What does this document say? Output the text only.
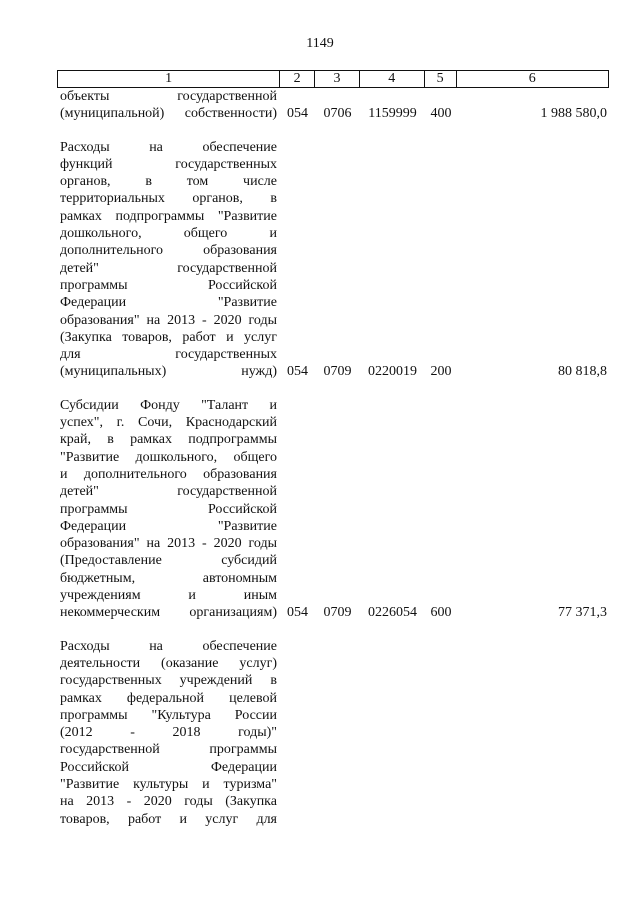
1149
1	2	3	4	5	6
объекты государственной
(муниципальной) собственности) 054	0706	1159999 400	1 988 580,0
Расходы на обеспечение
функций государственных
органов, в том числе
территориальных органов, в
рамках подпрограммы "Развитие
дошкольного, общего и
дополнительного образования
детей" государственной
программы Российской
Федерации "Развитие
образования" на 2013 - 2020 годы
(Закупка товаров, работ и услуг
для государственных
(муниципальных) нужд) 054	0709	0220019 200	80 818,8
Субсидии Фонду "Талант и
успех", г. Сочи, Краснодарский
край, в рамках подпрограммы
"Развитие дошкольного, общего
и дополнительного образования
детей" государственной
программы Российской
Федерации "Развитие
образования" на 2013 - 2020 годы
(Предоставление субсидий
бюджетным, автономным
учреждениям и иным
некоммерческим организациям) 054	0709	0226054 600	77 371,3
Расходы на обеспечение
деятельности (оказание услуг)
государственных учреждений в
рамках федеральной целевой
программы "Культура России
(2012 - 2018 годы)"
государственной программы
Российской Федерации
"Развитие культуры и туризма"
на 2013 - 2020 годы (Закупка
товаров, работ и услуг для
